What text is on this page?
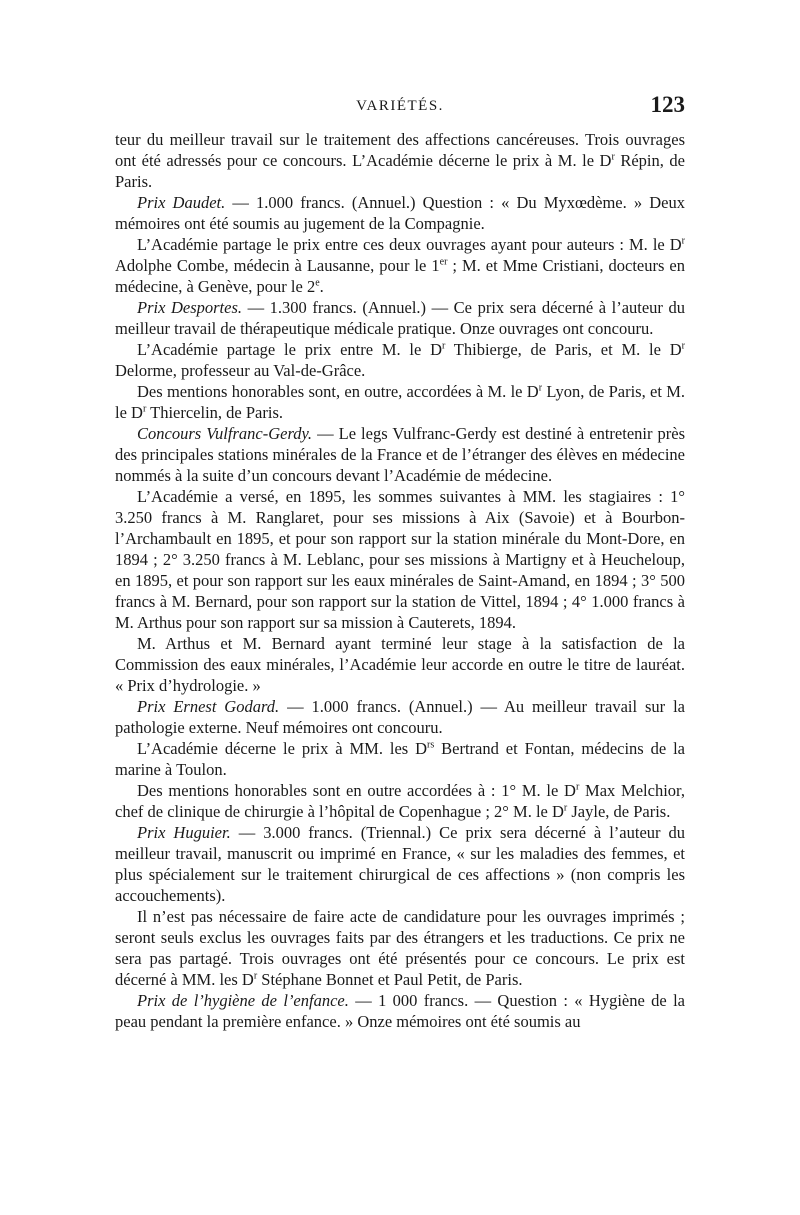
VARIÉTÉS.	123

teur du meilleur travail sur le traitement des affections cancéreuses. Trois ouvrages ont été adressés pour ce concours. L’Académie décerne le prix à M. le $D^r$ Répin, de Paris.

Prix Daudet. — 1.000 francs. (Annuel.) Question : « Du Myxœdème. » Deux mémoires ont été soumis au jugement de la Compagnie.

L’Académie partage le prix entre ces deux ouvrages ayant pour auteurs : M. le $D^r$ Adolphe Combe, médecin à Lausanne, pour le 1er ; M. et Mme Cristiani, docteurs en médecine, à Genève, pour le 2e.

Prix Desportes. — 1.300 francs. (Annuel.) — Ce prix sera décerné à l’auteur du meilleur travail de thérapeutique médicale pratique. Onze ouvrages ont concouru.

L’Académie partage le prix entre M. le $D^r$ Thibierge, de Paris, et M. le $D^r$ Delorme, professeur au Val-de-Grâce.

Des mentions honorables sont, en outre, accordées à M. le $D^r$ Lyon, de Paris, et M. le $D^r$ Thiercelin, de Paris.

Concours Vulfranc-Gerdy. — Le legs Vulfranc-Gerdy est destiné à entretenir près des principales stations minérales de la France et de l’étranger des élèves en médecine nommés à la suite d’un concours devant l’Académie de médecine.

L’Académie a versé, en 1895, les sommes suivantes à MM. les stagiaires : 1° 3.250 francs à M. Ranglaret, pour ses missions à Aix (Savoie) et à Bourbon-l’Archambault en 1895, et pour son rapport sur la station minérale du Mont-Dore, en 1894 ; 2° 3.250 francs à M. Leblanc, pour ses missions à Martigny et à Heucheloup, en 1895, et pour son rapport sur les eaux minérales de Saint-Amand, en 1894 ; 3° 500 francs à M. Bernard, pour son rapport sur la station de Vittel, 1894 ; 4° 1.000 francs à M. Arthus pour son rapport sur sa mission à Cauterets, 1894.

M. Arthus et M. Bernard ayant terminé leur stage à la satisfaction de la Commission des eaux minérales, l’Académie leur accorde en outre le titre de lauréat. « Prix d’hydrologie. »

Prix Ernest Godard. — 1.000 francs. (Annuel.) — Au meilleur travail sur la pathologie externe. Neuf mémoires ont concouru.

L’Académie décerne le prix à MM. les $D^{rs}$ Bertrand et Fontan, médecins de la marine à Toulon.

Des mentions honorables sont en outre accordées à : 1° M. le $D^r$ Max Melchior, chef de clinique de chirurgie à l’hôpital de Copenhague ; 2° M. le $D^r$ Jayle, de Paris.

Prix Huguier. — 3.000 francs. (Triennal.) Ce prix sera décerné à l’auteur du meilleur travail, manuscrit ou imprimé en France, « sur les maladies des femmes, et plus spécialement sur le traitement chirurgical de ces affections » (non compris les accouchements).

Il n’est pas nécessaire de faire acte de candidature pour les ouvrages imprimés ; seront seuls exclus les ouvrages faits par des étrangers et les traductions. Ce prix ne sera pas partagé. Trois ouvrages ont été présentés pour ce concours. Le prix est décerné à MM. les $D^r$ Stéphane Bonnet et Paul Petit, de Paris.

Prix de l’hygiène de l’enfance. — 1 000 francs. — Question : « Hygiène de la peau pendant la première enfance. » Onze mémoires ont été soumis au
